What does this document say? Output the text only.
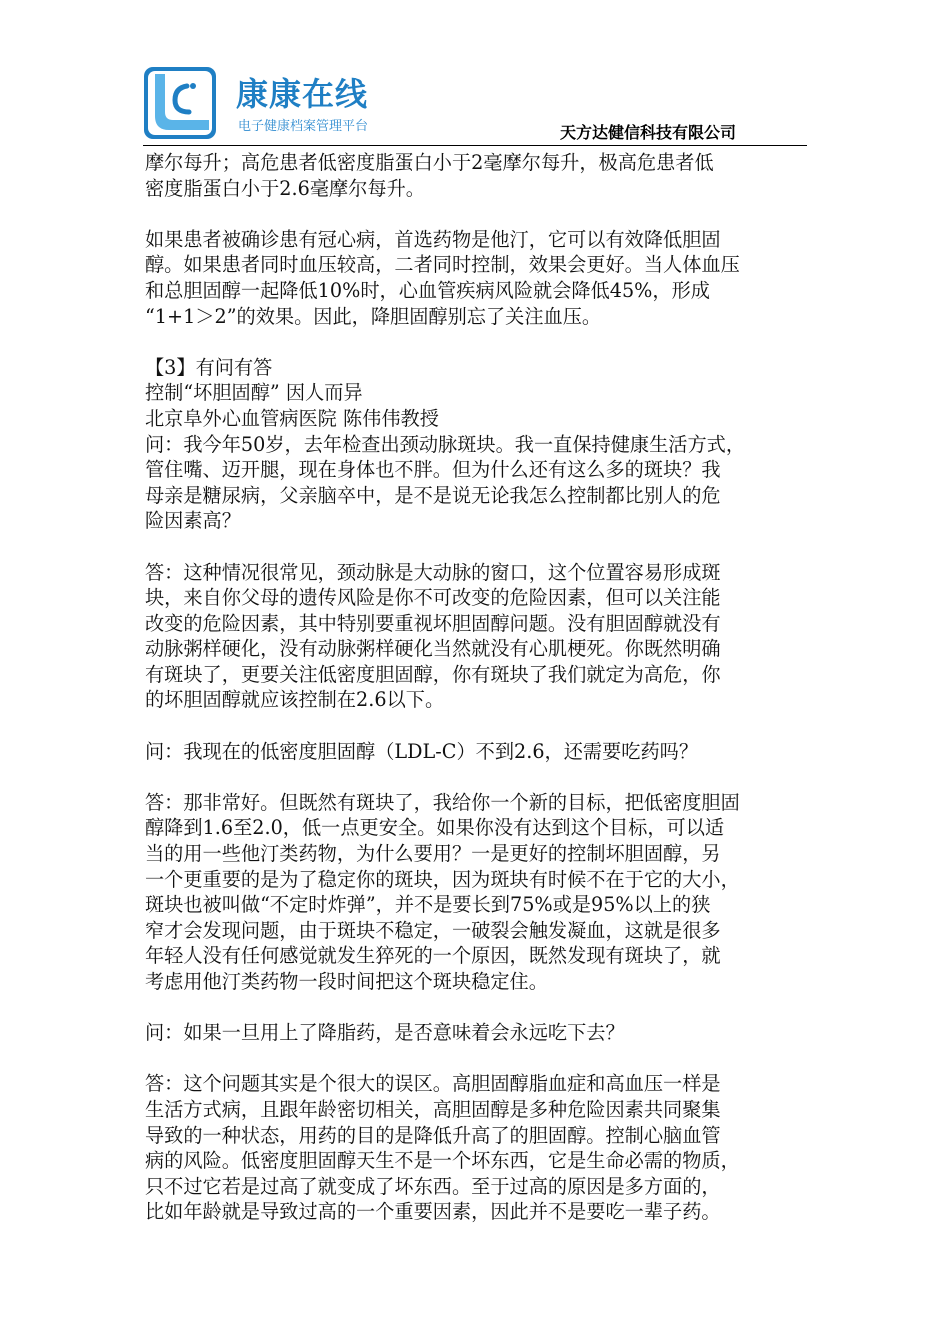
康康在线
电子健康档案管理平台	天方达健信科技有限公司

摩尔每升；高危患者低密度脂蛋白小于2毫摩尔每升，极高危患者低

密度脂蛋白小于2.6毫摩尔每升。

如果患者被确诊患有冠心病，首选药物是他汀，它可以有效降低胆固

醇。如果患者同时血压较高，二者同时控制，效果会更好。当人体血压

和总胆固醇一起降低10%时，心血管疾病风险就会降低45%，形成

“1+1＞2”的效果。因此，降胆固醇别忘了关注血压。

【3】有问有答

控制“坏胆固醇” 因人而异

北京阜外心血管病医院 陈伟伟教授

问：我今年50岁，去年检查出颈动脉斑块。我一直保持健康生活方式，

管住嘴、迈开腿，现在身体也不胖。但为什么还有这么多的斑块？我

母亲是糖尿病，父亲脑卒中，是不是说无论我怎么控制都比别人的危

险因素高？

答：这种情况很常见，颈动脉是大动脉的窗口，这个位置容易形成斑

块，来自你父母的遗传风险是你不可改变的危险因素，但可以关注能

改变的危险因素，其中特别要重视坏胆固醇问题。没有胆固醇就没有

动脉粥样硬化，没有动脉粥样硬化当然就没有心肌梗死。你既然明确

有斑块了，更要关注低密度胆固醇，你有斑块了我们就定为高危，你

的坏胆固醇就应该控制在2.6以下。

问：我现在的低密度胆固醇（LDL-C）不到2.6，还需要吃药吗？

答：那非常好。但既然有斑块了，我给你一个新的目标，把低密度胆固

醇降到1.6至2.0，低一点更安全。如果你没有达到这个目标，可以适

当的用一些他汀类药物，为什么要用？一是更好的控制坏胆固醇，另

一个更重要的是为了稳定你的斑块，因为斑块有时候不在于它的大小，

斑块也被叫做“不定时炸弹”，并不是要长到75%或是95%以上的狭

窄才会发现问题，由于斑块不稳定，一破裂会触发凝血，这就是很多

年轻人没有任何感觉就发生猝死的一个原因，既然发现有斑块了，就

考虑用他汀类药物一段时间把这个斑块稳定住。

问：如果一旦用上了降脂药，是否意味着会永远吃下去？

答：这个问题其实是个很大的误区。高胆固醇脂血症和高血压一样是

生活方式病，且跟年龄密切相关，高胆固醇是多种危险因素共同聚集

导致的一种状态，用药的目的是降低升高了的胆固醇。控制心脑血管

病的风险。低密度胆固醇天生不是一个坏东西，它是生命必需的物质，

只不过它若是过高了就变成了坏东西。至于过高的原因是多方面的，

比如年龄就是导致过高的一个重要因素，因此并不是要吃一辈子药。
